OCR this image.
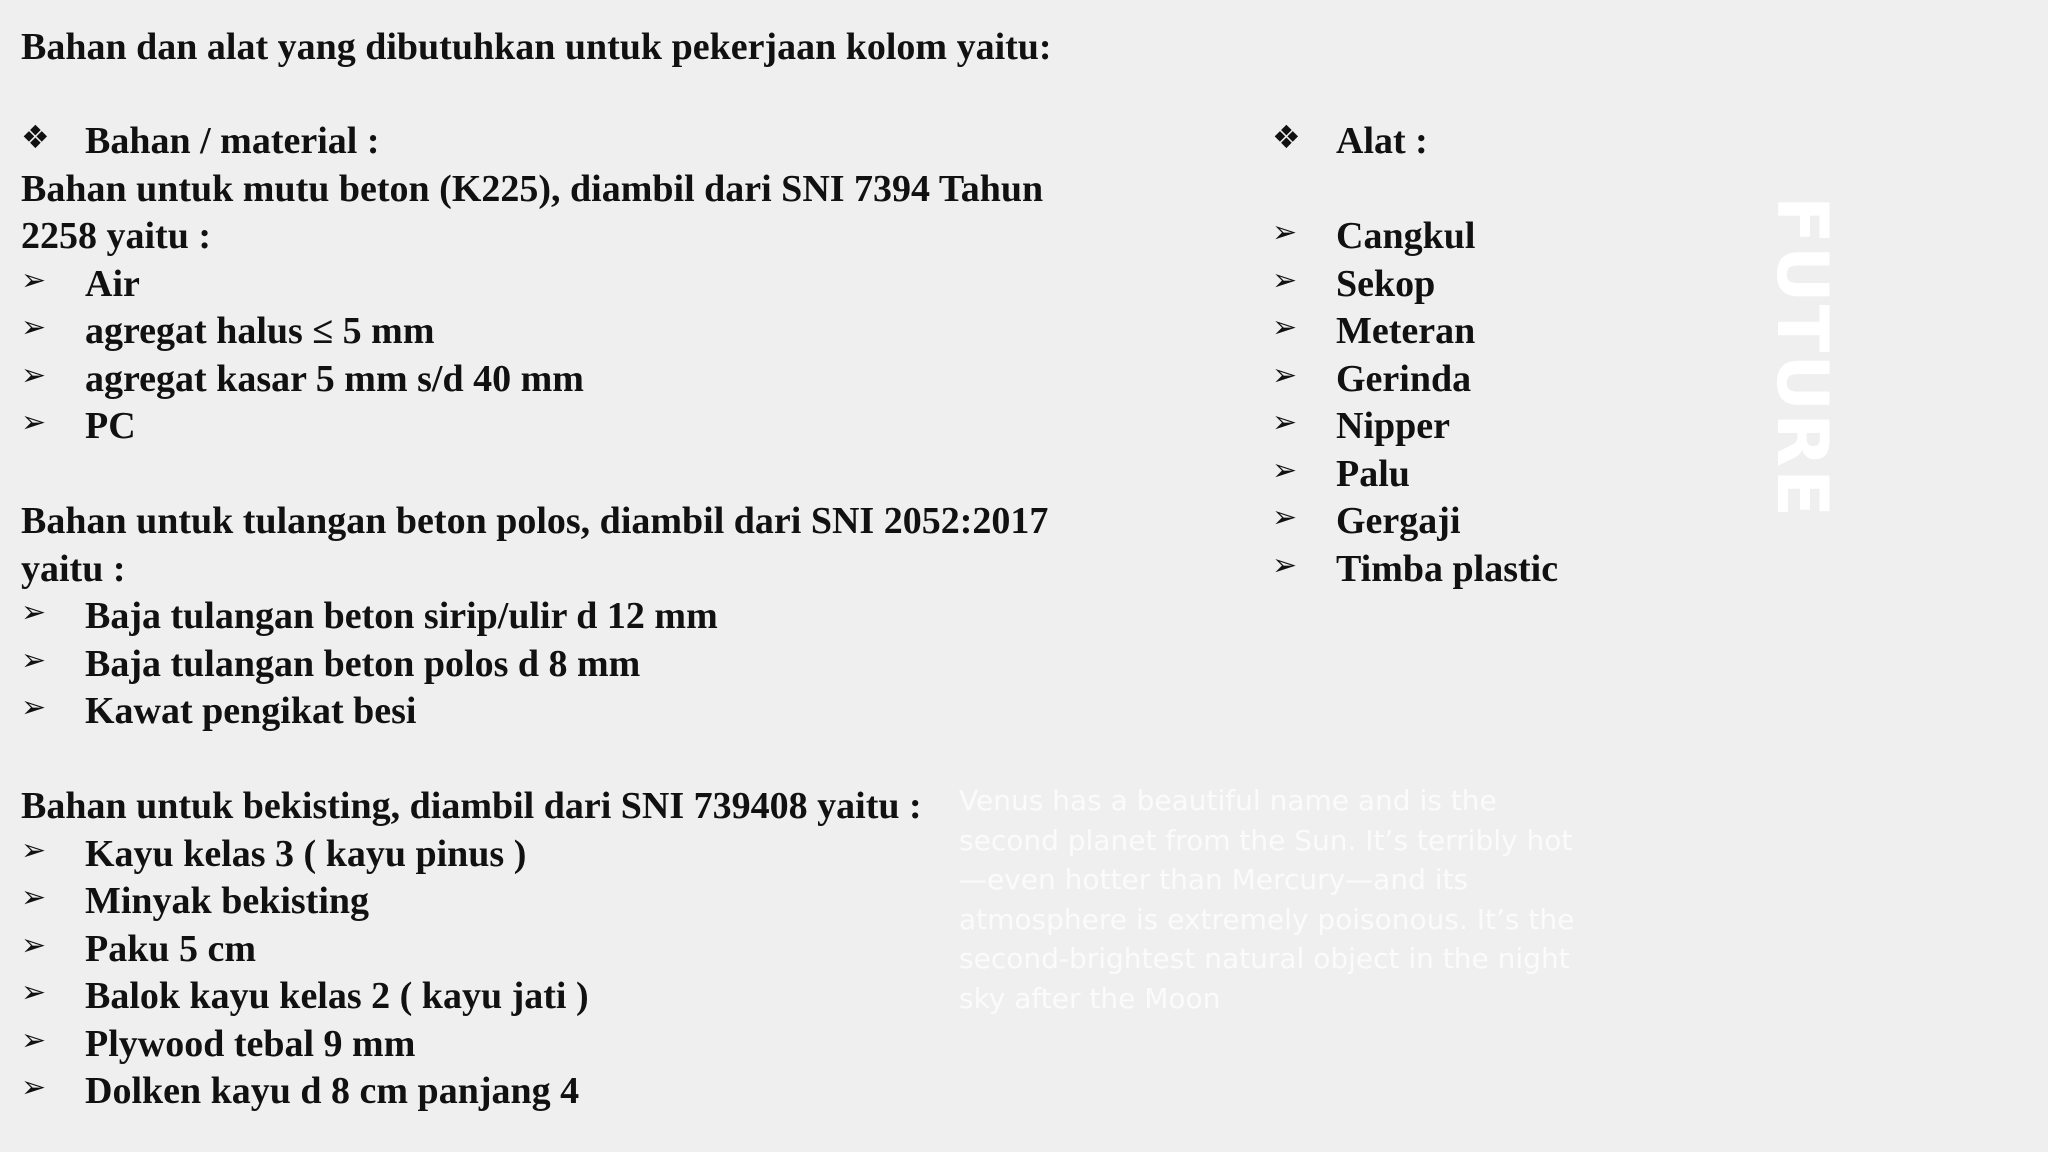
FUTURE
Venus has a beautiful name and is the second planet from the Sun. It’s terribly hot—even hotter than Mercury—and its atmosphere is extremely poisonous. It’s the second-brightest natural object in the night sky after the Moon
Bahan dan alat yang dibutuhkan untuk pekerjaan kolom yaitu:
❖ Bahan / material :
Bahan untuk mutu beton (K225), diambil dari SNI 7394 Tahun
2258 yaitu :
➢	Air
➢	agregat halus ≤ 5 mm
➢	agregat kasar 5 mm s/d 40 mm
➢	PC
Bahan untuk tulangan beton polos, diambil dari SNI 2052:2017
yaitu :
➢	Baja tulangan beton sirip/ulir d 12 mm
➢	Baja tulangan beton polos d 8 mm
➢	Kawat pengikat besi
Bahan untuk bekisting, diambil dari SNI 739408 yaitu :
➢	Kayu kelas 3 ( kayu pinus )
➢	Minyak bekisting
➢	Paku 5 cm
➢	Balok kayu kelas 2 ( kayu jati )
➢	Plywood tebal 9 mm
➢	Dolken kayu d 8 cm panjang 4
❖ Alat :
➢	Cangkul
➢	Sekop
➢	Meteran
➢	Gerinda
➢	Nipper
➢	Palu
➢	Gergaji
➢	Timba plastic
